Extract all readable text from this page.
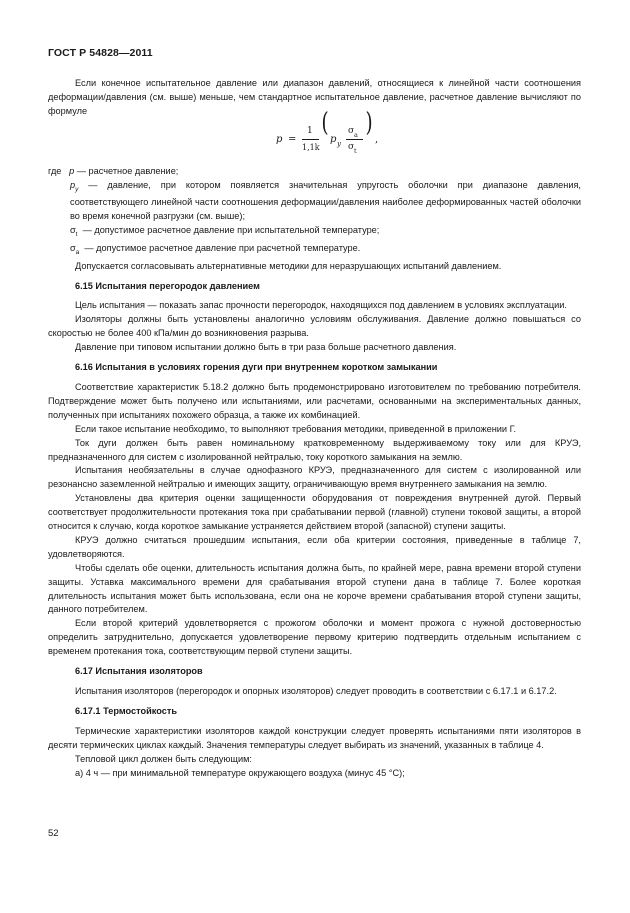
ГОСТ Р 54828—2011

Если конечное испытательное давление или диапазон давлений, относящиеся к линейной части соотношения деформации/давления (см. выше) меньше, чем стандартное испытательное давление, расчетное давление вычисляют по формуле

p =
1
1,1k
(
p y
σ a
σ t
)
,

где p — расчетное давление;

$p_y$ — давление, при котором появляется значительная упругость оболочки при диапазоне давления, соответствующего линейной части соотношения деформации/давления наиболее деформированных частей оболочки во время конечной разгрузки (см. выше);

$\sigma_t$ — допустимое расчетное давление при испытательной температуре;

$\sigma_a$ — допустимое расчетное давление при расчетной температуре.

Допускается согласовывать альтернативные методики для неразрушающих испытаний давлением.

6.15 Испытания перегородок давлением

Цель испытания — показать запас прочности перегородок, находящихся под давлением в условиях эксплуатации.

Изоляторы должны быть установлены аналогично условиям обслуживания. Давление должно повышаться со скоростью не более 400 кПа/мин до возникновения разрыва.

Давление при типовом испытании должно быть в три раза больше расчетного давления.

6.16 Испытания в условиях горения дуги при внутреннем коротком замыкании

Соответствие характеристик 5.18.2 должно быть продемонстрировано изготовителем по требованию потребителя. Подтверждение может быть получено или испытаниями, или расчетами, основанными на экспериментальных данных, полученных при испытаниях похожего образца, а также их комбинацией.

Если такое испытание необходимо, то выполняют требования методики, приведенной в приложении Г.

Ток дуги должен быть равен номинальному кратковременному выдерживаемому току или для КРУЭ, предназначенного для систем с изолированной нейтралью, току короткого замыкания на землю.

Испытания необязательны в случае однофазного КРУЭ, предназначенного для систем с изолированной или резонансно заземленной нейтралью и имеющих защиту, ограничивающую время внутреннего замыкания на землю.

Установлены два критерия оценки защищенности оборудования от повреждения внутренней дугой. Первый соответствует продолжительности протекания тока при срабатывании первой (главной) ступени токовой защиты, а второй относится к случаю, когда короткое замыкание устраняется действием второй (запасной) ступени защиты.

КРУЭ должно считаться прошедшим испытания, если оба критерии состояния, приведенные в таблице 7, удовлетворяются.

Чтобы сделать обе оценки, длительность испытания должна быть, по крайней мере, равна времени второй ступени защиты. Уставка максимального времени для срабатывания второй ступени дана в таблице 7. Более короткая длительность испытания может быть использована, если она не короче времени срабатывания второй ступени защиты, данного потребителем.

Если второй критерий удовлетворяется с прожогом оболочки и момент прожога с нужной достоверностью определить затруднительно, допускается удовлетворение первому критерию подтвердить отдельным испытанием с временем протекания тока, соответствующим первой ступени защиты.

6.17 Испытания изоляторов

Испытания изоляторов (перегородок и опорных изоляторов) следует проводить в соответствии с 6.17.1 и 6.17.2.

6.17.1 Термостойкость

Термические характеристики изоляторов каждой конструкции следует проверять испытаниями пяти изоляторов в десяти термических циклах каждый. Значения температуры следует выбирать из значений, указанных в таблице 4.

Тепловой цикл должен быть следующим:

а) 4 ч — при минимальной температуре окружающего воздуха (минус 45 °С);

52
